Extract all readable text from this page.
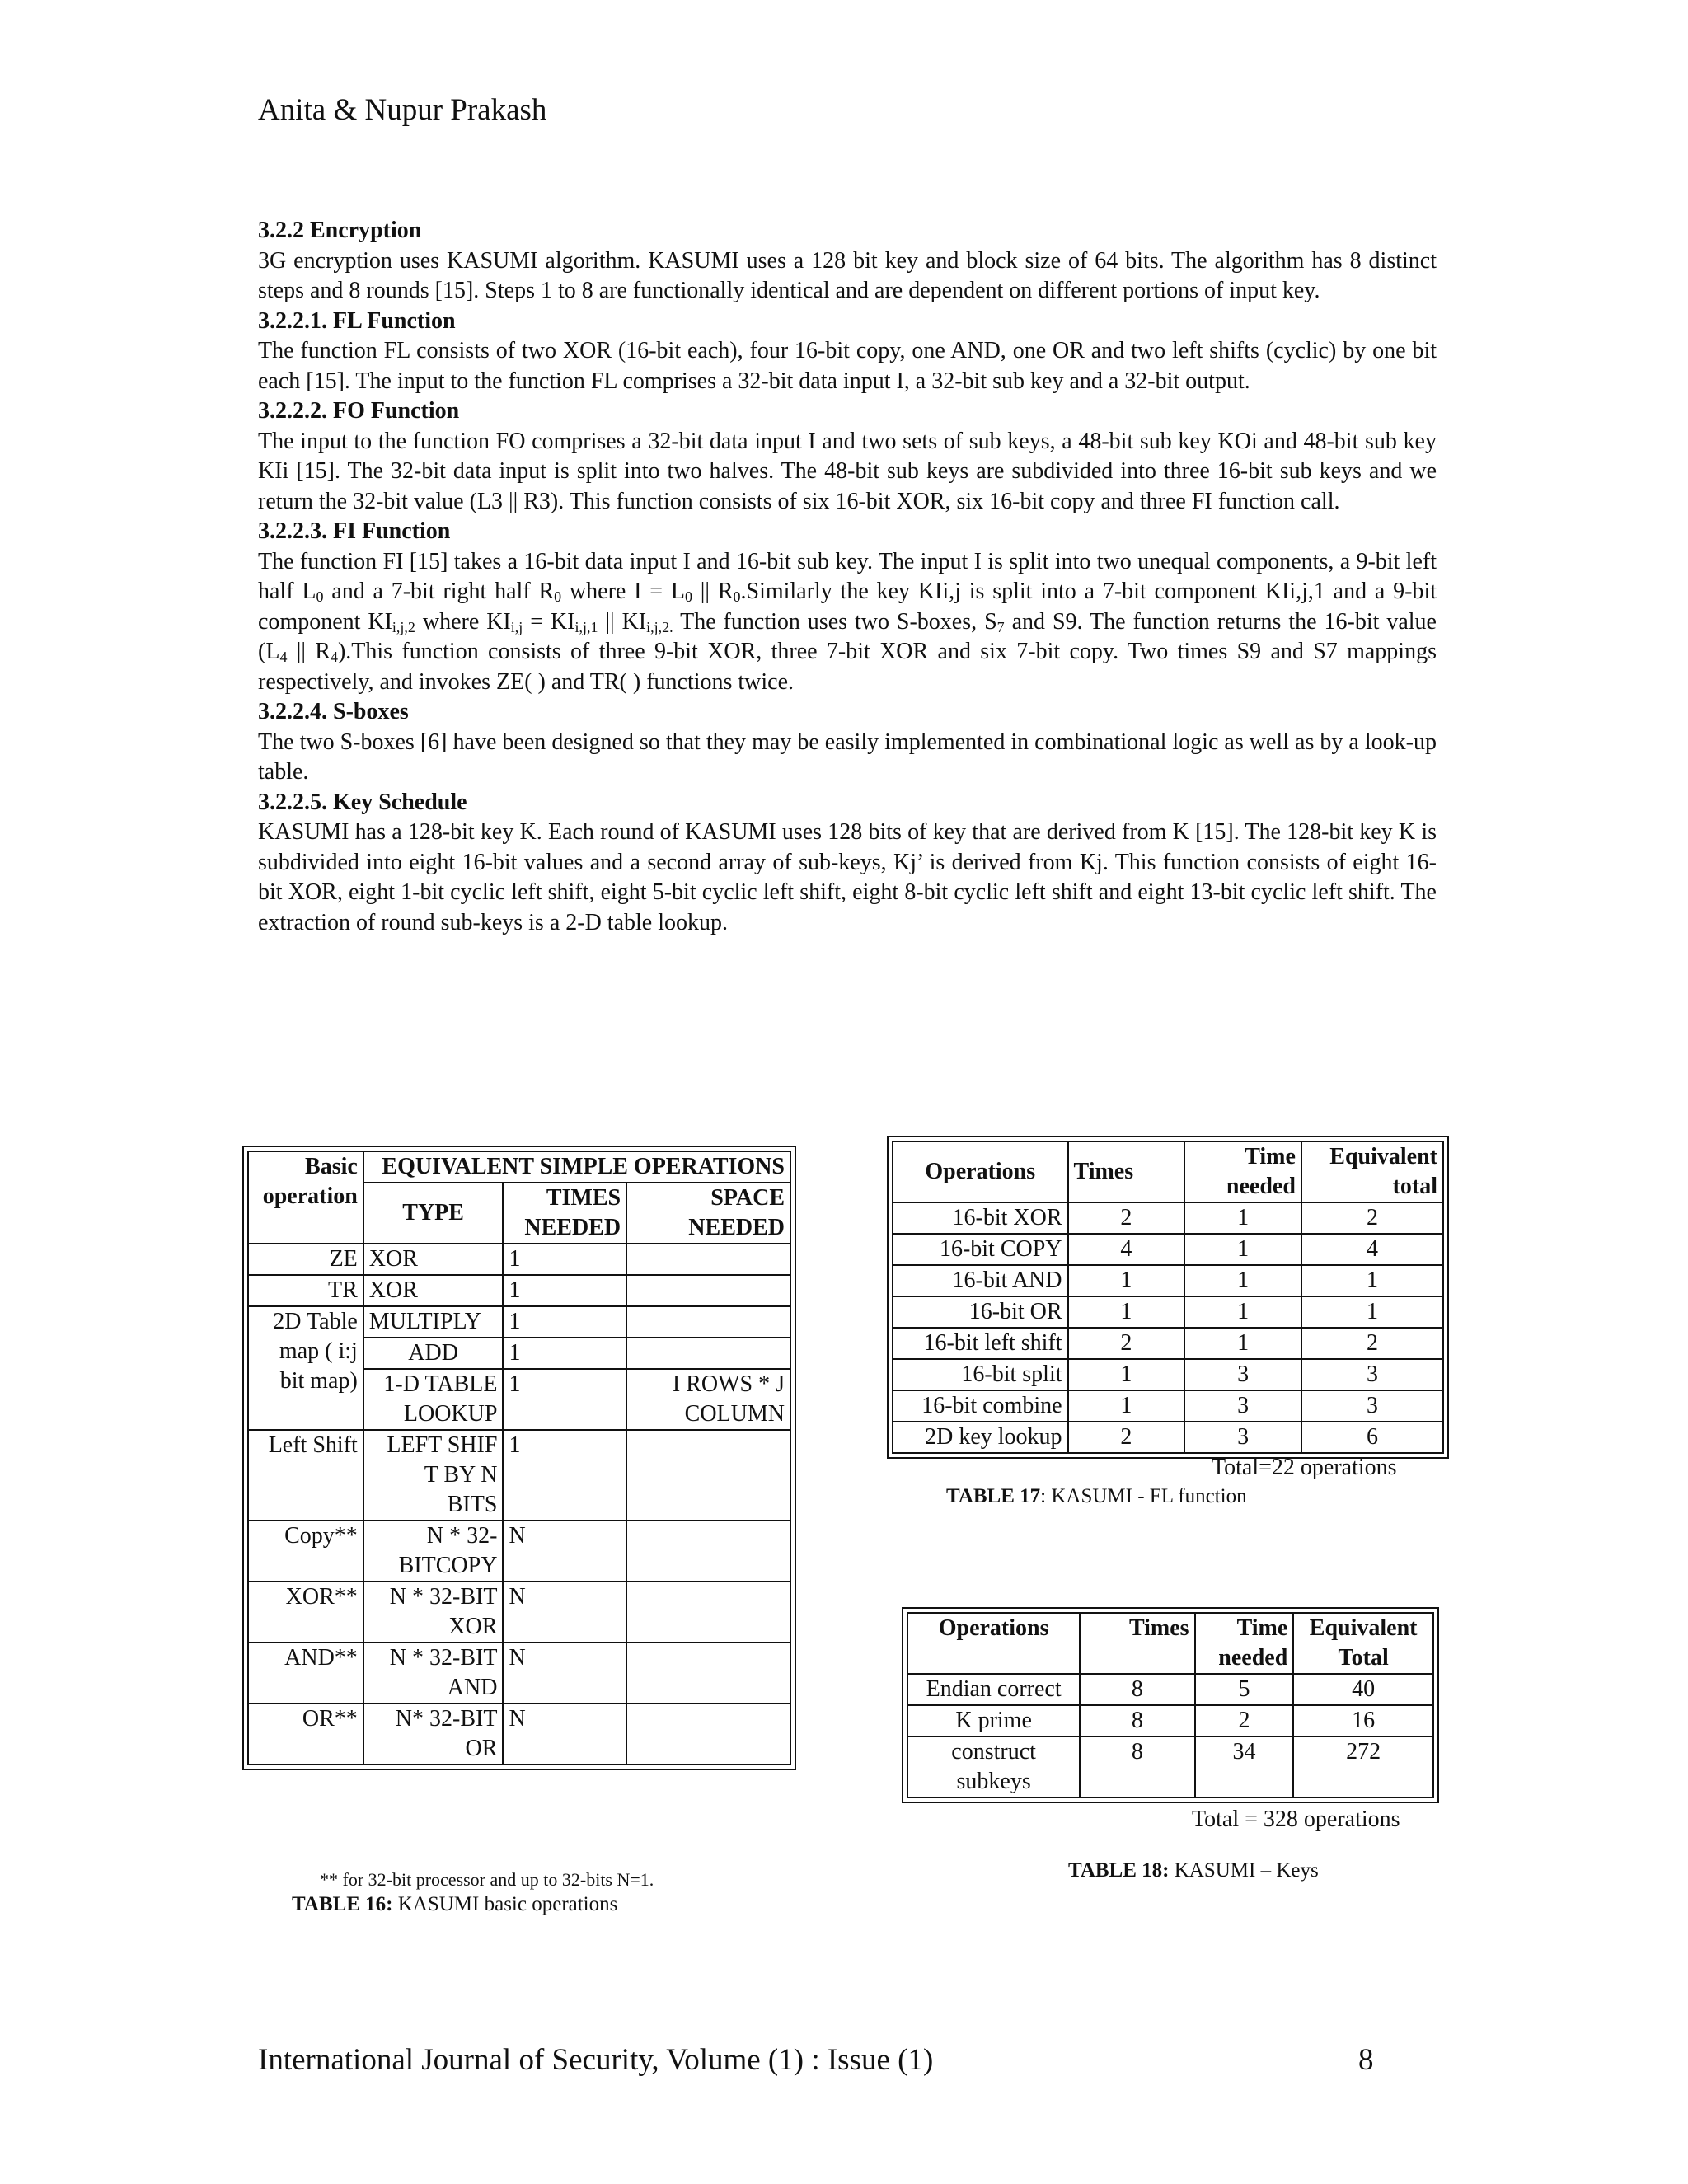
Anita & Nupur Prakash
3.2.2 Encryption

3G encryption uses KASUMI algorithm. KASUMI uses a 128 bit key and block size of 64 bits. The algorithm has 8 distinct steps and 8 rounds [15]. Steps 1 to 8 are functionally identical and are dependent on different portions of input key.

3.2.2.1. FL Function

The function FL consists of two XOR (16-bit each), four 16-bit copy, one AND, one OR and two left shifts (cyclic) by one bit each [15]. The input to the function FL comprises a 32-bit data input I, a 32-bit sub key and a 32-bit output.

3.2.2.2. FO Function

The input to the function FO comprises a 32-bit data input I and two sets of sub keys, a 48-bit sub key KOi and 48-bit sub key KIi [15]. The 32-bit data input is split into two halves. The 48-bit sub keys are subdivided into three 16-bit sub keys and we return the 32-bit value (L3 || R3). This function consists of six 16-bit XOR, six 16-bit copy and three FI function call.

3.2.2.3. FI Function

The function FI [15] takes a 16-bit data input I and 16-bit sub key. The input I is split into two unequal components, a 9-bit left half $L_0$ and a 7-bit right half $R_0$ where $I = L_0$ || $R_0.Similarly$ the key KIi,j is split into a 7-bit component KIi,j,1 and a 9-bit component $KI_{i,j,2}$ where $KI_{i,j} = KI_{i,j,1}$ || $KI_{i,j,2.}$ The function uses two S-boxes, $S_7$ and S9. The function returns the 16-bit value ($L_4$ || $R_4).This$ function consists of three 9-bit XOR, three 7-bit XOR and six 7-bit copy. Two times S9 and S7 mappings respectively, and invokes ZE( ) and TR( ) functions twice.

3.2.2.4. S-boxes

The two S-boxes [6] have been designed so that they may be easily implemented in combinational logic as well as by a look-up table.

3.2.2.5. Key Schedule

KASUMI has a 128-bit key K. Each round of KASUMI uses 128 bits of key that are derived from K [15]. The 128-bit key K is subdivided into eight 16-bit values and a second array of sub-keys, Kj’ is derived from Kj. This function consists of eight 16-bit XOR, eight 1-bit cyclic left shift, eight 5-bit cyclic left shift, eight 8-bit cyclic left shift and eight 13-bit cyclic left shift. The extraction of round sub-keys is a 2-D table lookup.

Basic operation	EQUIVALENT SIMPLE OPERATIONS		
	TYPE	TIMES NEEDED	SPACE NEEDED
ZE	XOR	1	
TR	XOR	1	
2D Table map ( i:j bit map)	MULTIPLY	1	
	ADD	1	
	1-D TABLE LOOKUP	1	I ROWS * J COLUMN
Left Shift	LEFT SHIF T BY N BITS	1	
Copy**	N * 32-BITCOPY	N	
XOR**	N * 32-BIT XOR	N	
AND**	N * 32-BIT AND	N	
OR**	N* 32-BIT OR	N	
** for 32-bit processor and up to 32-bits N=1.
TABLE 16: KASUMI basic operations
Operations	Times	Time needed	Equivalent total
16-bit XOR	2	1	2
16-bit COPY	4	1	4
16-bit AND	1	1	1
16-bit OR	1	1	1
16-bit left shift	2	1	2
16-bit split	1	3	3
16-bit combine	1	3	3
2D key lookup	2	3	6
Total=22 operations
TABLE 17: KASUMI - FL function
Operations	Times	Time needed	Equivalent Total
Endian correct	8	5	40
K prime	8	2	16
construct subkeys	8	34	272
Total = 328 operations
TABLE 18: KASUMI – Keys
International Journal of Security, Volume (1) : Issue (1)	8
